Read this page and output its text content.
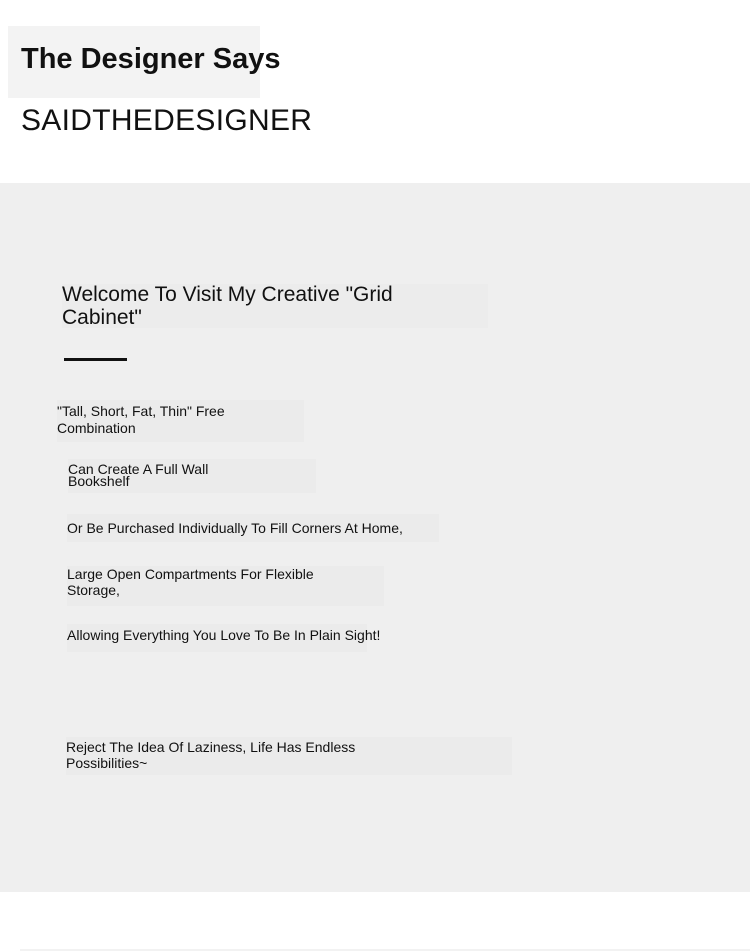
The Designer Says

SAIDTHEDESIGNER

Welcome To Visit My Creative "Grid Cabinet"

"Tall, Short, Fat, Thin" Free Combination

Can Create A Full Wall Bookshelf

Or Be Purchased Individually To Fill Corners At Home,

Large Open Compartments For Flexible Storage,

Allowing Everything You Love To Be In Plain Sight!

Reject The Idea Of Laziness, Life Has Endless Possibilities~
